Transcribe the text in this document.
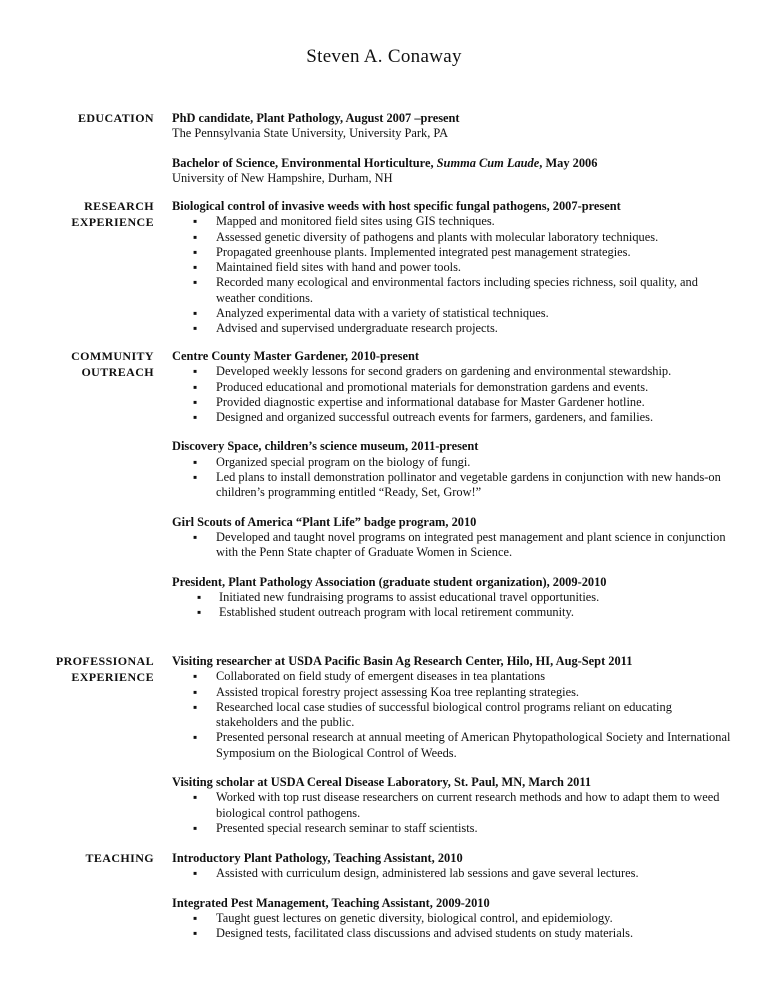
Steven A. Conaway
EDUCATION PhD candidate, Plant Pathology, August 2007 –present
The Pennsylvania State University, University Park, PA
Bachelor of Science, Environmental Horticulture, Summa Cum Laude, May 2006
University of New Hampshire, Durham, NH
RESEARCH
EXPERIENCE
Biological control of invasive weeds with host specific fungal pathogens, 2007-present
▪ Mapped and monitored field sites using GIS techniques.
▪ Assessed genetic diversity of pathogens and plants with molecular laboratory techniques.
▪ Propagated greenhouse plants. Implemented integrated pest management strategies.
▪ Maintained field sites with hand and power tools.
▪ Recorded many ecological and environmental factors including species richness, soil quality, and weather conditions.
▪ Analyzed experimental data with a variety of statistical techniques.
▪ Advised and supervised undergraduate research projects.
COMMUNITY
OUTREACH
Centre County Master Gardener, 2010-present
▪ Developed weekly lessons for second graders on gardening and environmental stewardship.
▪ Produced educational and promotional materials for demonstration gardens and events.
▪ Provided diagnostic expertise and informational database for Master Gardener hotline.
▪ Designed and organized successful outreach events for farmers, gardeners, and families.
Discovery Space, children’s science museum, 2011-present
▪ Organized special program on the biology of fungi.
▪ Led plans to install demonstration pollinator and vegetable gardens in conjunction with new hands-on children’s programming entitled “Ready, Set, Grow!”
Girl Scouts of America “Plant Life” badge program, 2010
▪ Developed and taught novel programs on integrated pest management and plant science in conjunction with the Penn State chapter of Graduate Women in Science.
President, Plant Pathology Association (graduate student organization), 2009-2010
▪ Initiated new fundraising programs to assist educational travel opportunities.
▪ Established student outreach program with local retirement community.
PROFESSIONAL
EXPERIENCE
Visiting researcher at USDA Pacific Basin Ag Research Center, Hilo, HI, Aug-Sept 2011
▪ Collaborated on field study of emergent diseases in tea plantations
▪ Assisted tropical forestry project assessing Koa tree replanting strategies.
▪ Researched local case studies of successful biological control programs reliant on educating stakeholders and the public.
▪ Presented personal research at annual meeting of American Phytopathological Society and International Symposium on the Biological Control of Weeds.
Visiting scholar at USDA Cereal Disease Laboratory, St. Paul, MN, March 2011
▪ Worked with top rust disease researchers on current research methods and how to adapt them to weed biological control pathogens.
▪ Presented special research seminar to staff scientists.
TEACHING Introductory Plant Pathology, Teaching Assistant, 2010
▪ Assisted with curriculum design, administered lab sessions and gave several lectures.
Integrated Pest Management, Teaching Assistant, 2009-2010
▪ Taught guest lectures on genetic diversity, biological control, and epidemiology.
▪ Designed tests, facilitated class discussions and advised students on study materials.
